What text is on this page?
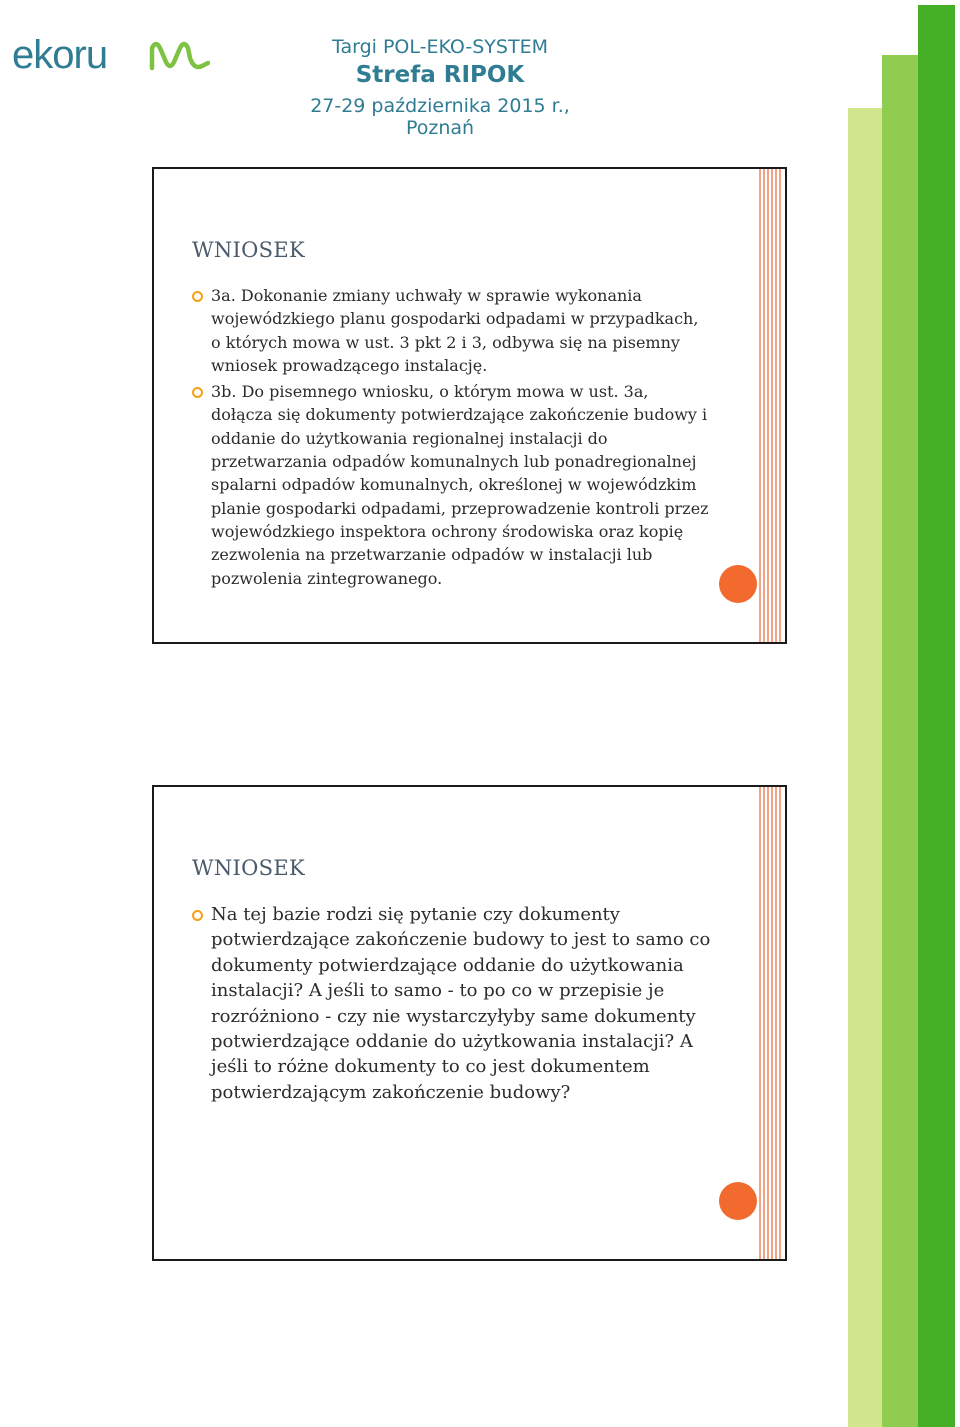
ekoru	Targi POL-EKO-SYSTEM
Strefa RIPOK
27-29 października 2015 r., Poznań
WNIOSEK
3a. Dokonanie zmiany uchwały w sprawie wykonania wojewódzkiego planu gospodarki odpadami w przypadkach, o których mowa w ust. 3 pkt 2 i 3, odbywa się na pisemny wniosek prowadzącego instalację.
3b. Do pisemnego wniosku, o którym mowa w ust. 3a, dołącza się dokumenty potwierdzające zakończenie budowy i oddanie do użytkowania regionalnej instalacji do przetwarzania odpadów komunalnych lub ponadregionalnej spalarni odpadów komunalnych, określonej w wojewódzkim planie gospodarki odpadami, przeprowadzenie kontroli przez wojewódzkiego inspektora ochrony środowiska oraz kopię zezwolenia na przetwarzanie odpadów w instalacji lub pozwolenia zintegrowanego.
WNIOSEK
Na tej bazie rodzi się pytanie czy dokumenty potwierdzające zakończenie budowy to jest to samo co dokumenty potwierdzające oddanie do użytkowania instalacji? A jeśli to samo - to po co w przepisie je rozróżniono - czy nie wystarczyłyby same dokumenty potwierdzające oddanie do użytkowania instalacji? A jeśli to różne dokumenty to co jest dokumentem potwierdzającym zakończenie budowy?
